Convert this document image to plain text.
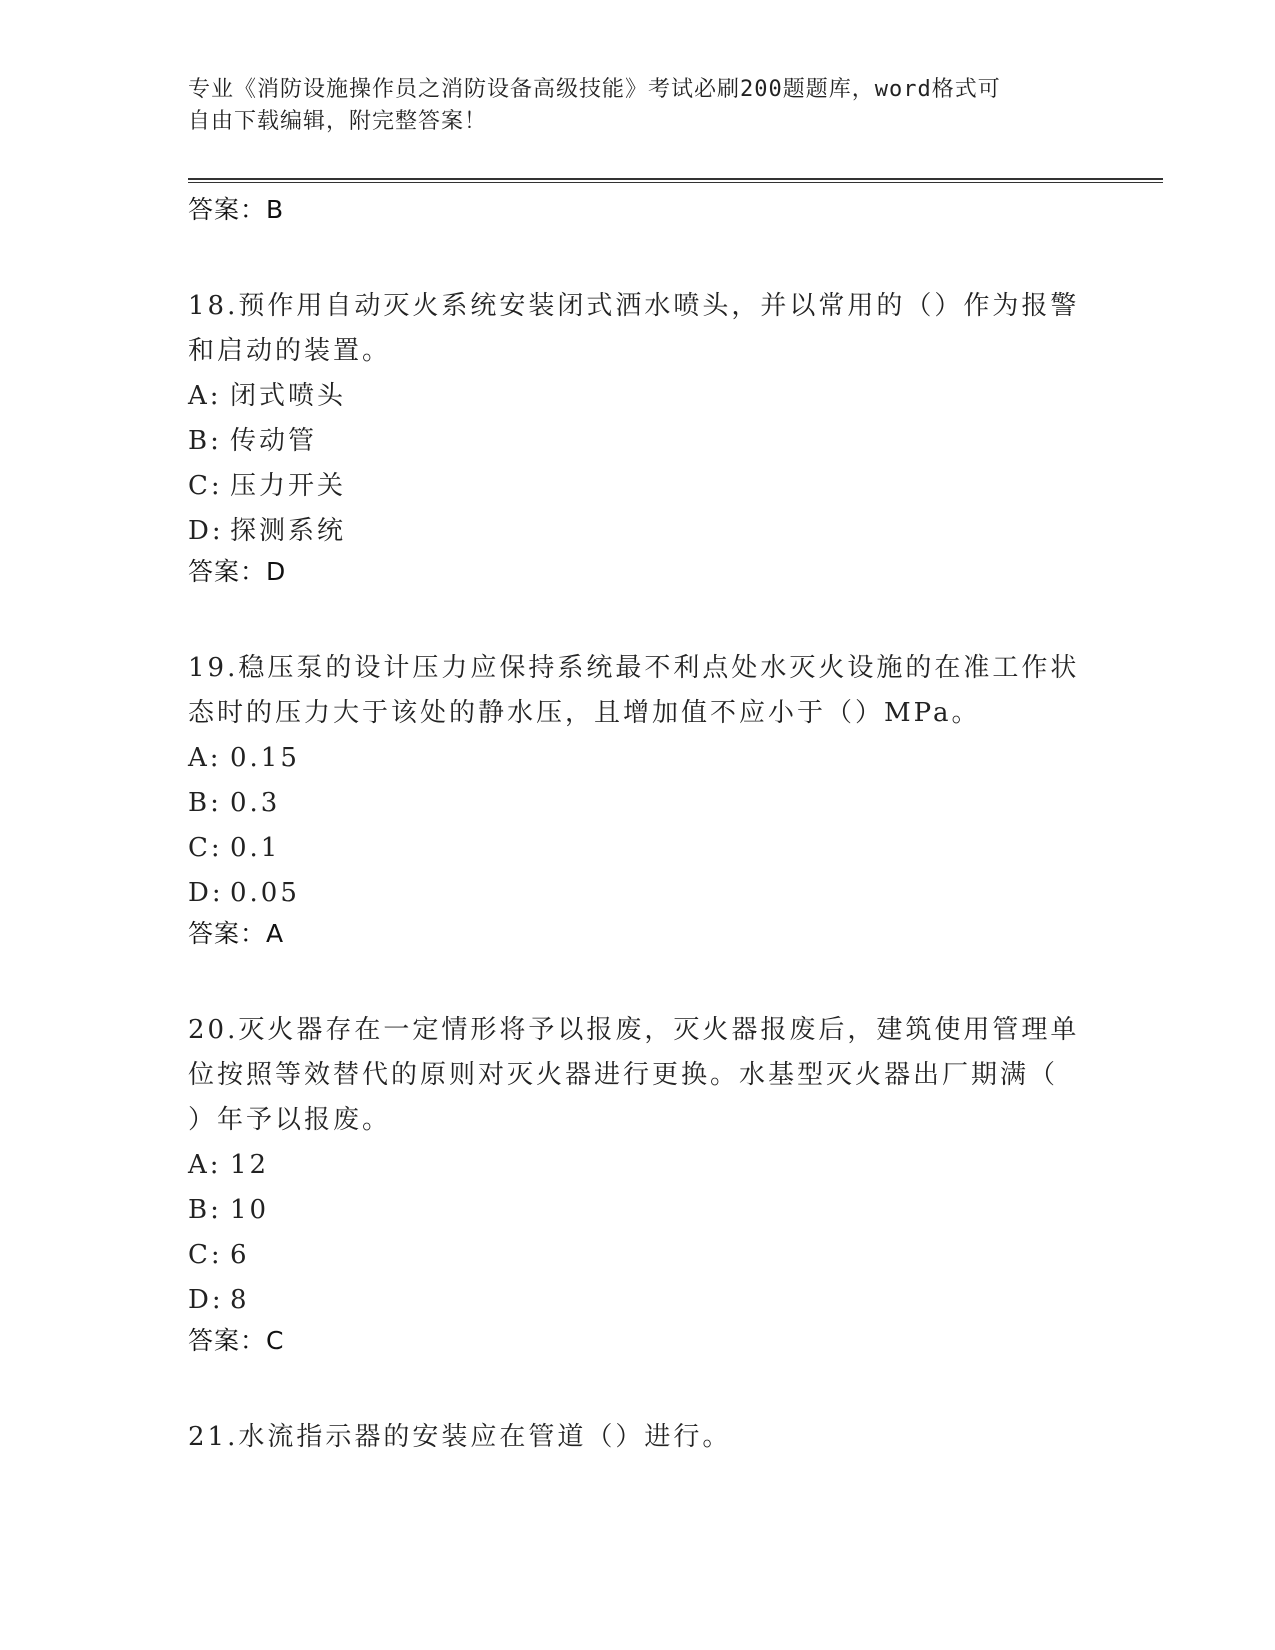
专业《消防设施操作员之消防设备高级技能》考试必刷200题题库，word格式可
自由下载编辑，附完整答案！

答案：B

18.预作用自动灭火系统安装闭式洒水喷头，并以常用的（）作为报警

和启动的装置。

A: 闭式喷头

B: 传动管

C: 压力开关

D: 探测系统

答案：D

19.稳压泵的设计压力应保持系统最不利点处水灭火设施的在准工作状

态时的压力大于该处的静水压，且增加值不应小于（）MPa。

A: 0.15

B: 0.3

C: 0.1

D: 0.05

答案：A

20.灭火器存在一定情形将予以报废，灭火器报废后，建筑使用管理单

位按照等效替代的原则对灭火器进行更换。水基型灭火器出厂期满（

）年予以报废。

A: 12

B: 10

C: 6

D: 8

答案：C

21.水流指示器的安装应在管道（）进行。
